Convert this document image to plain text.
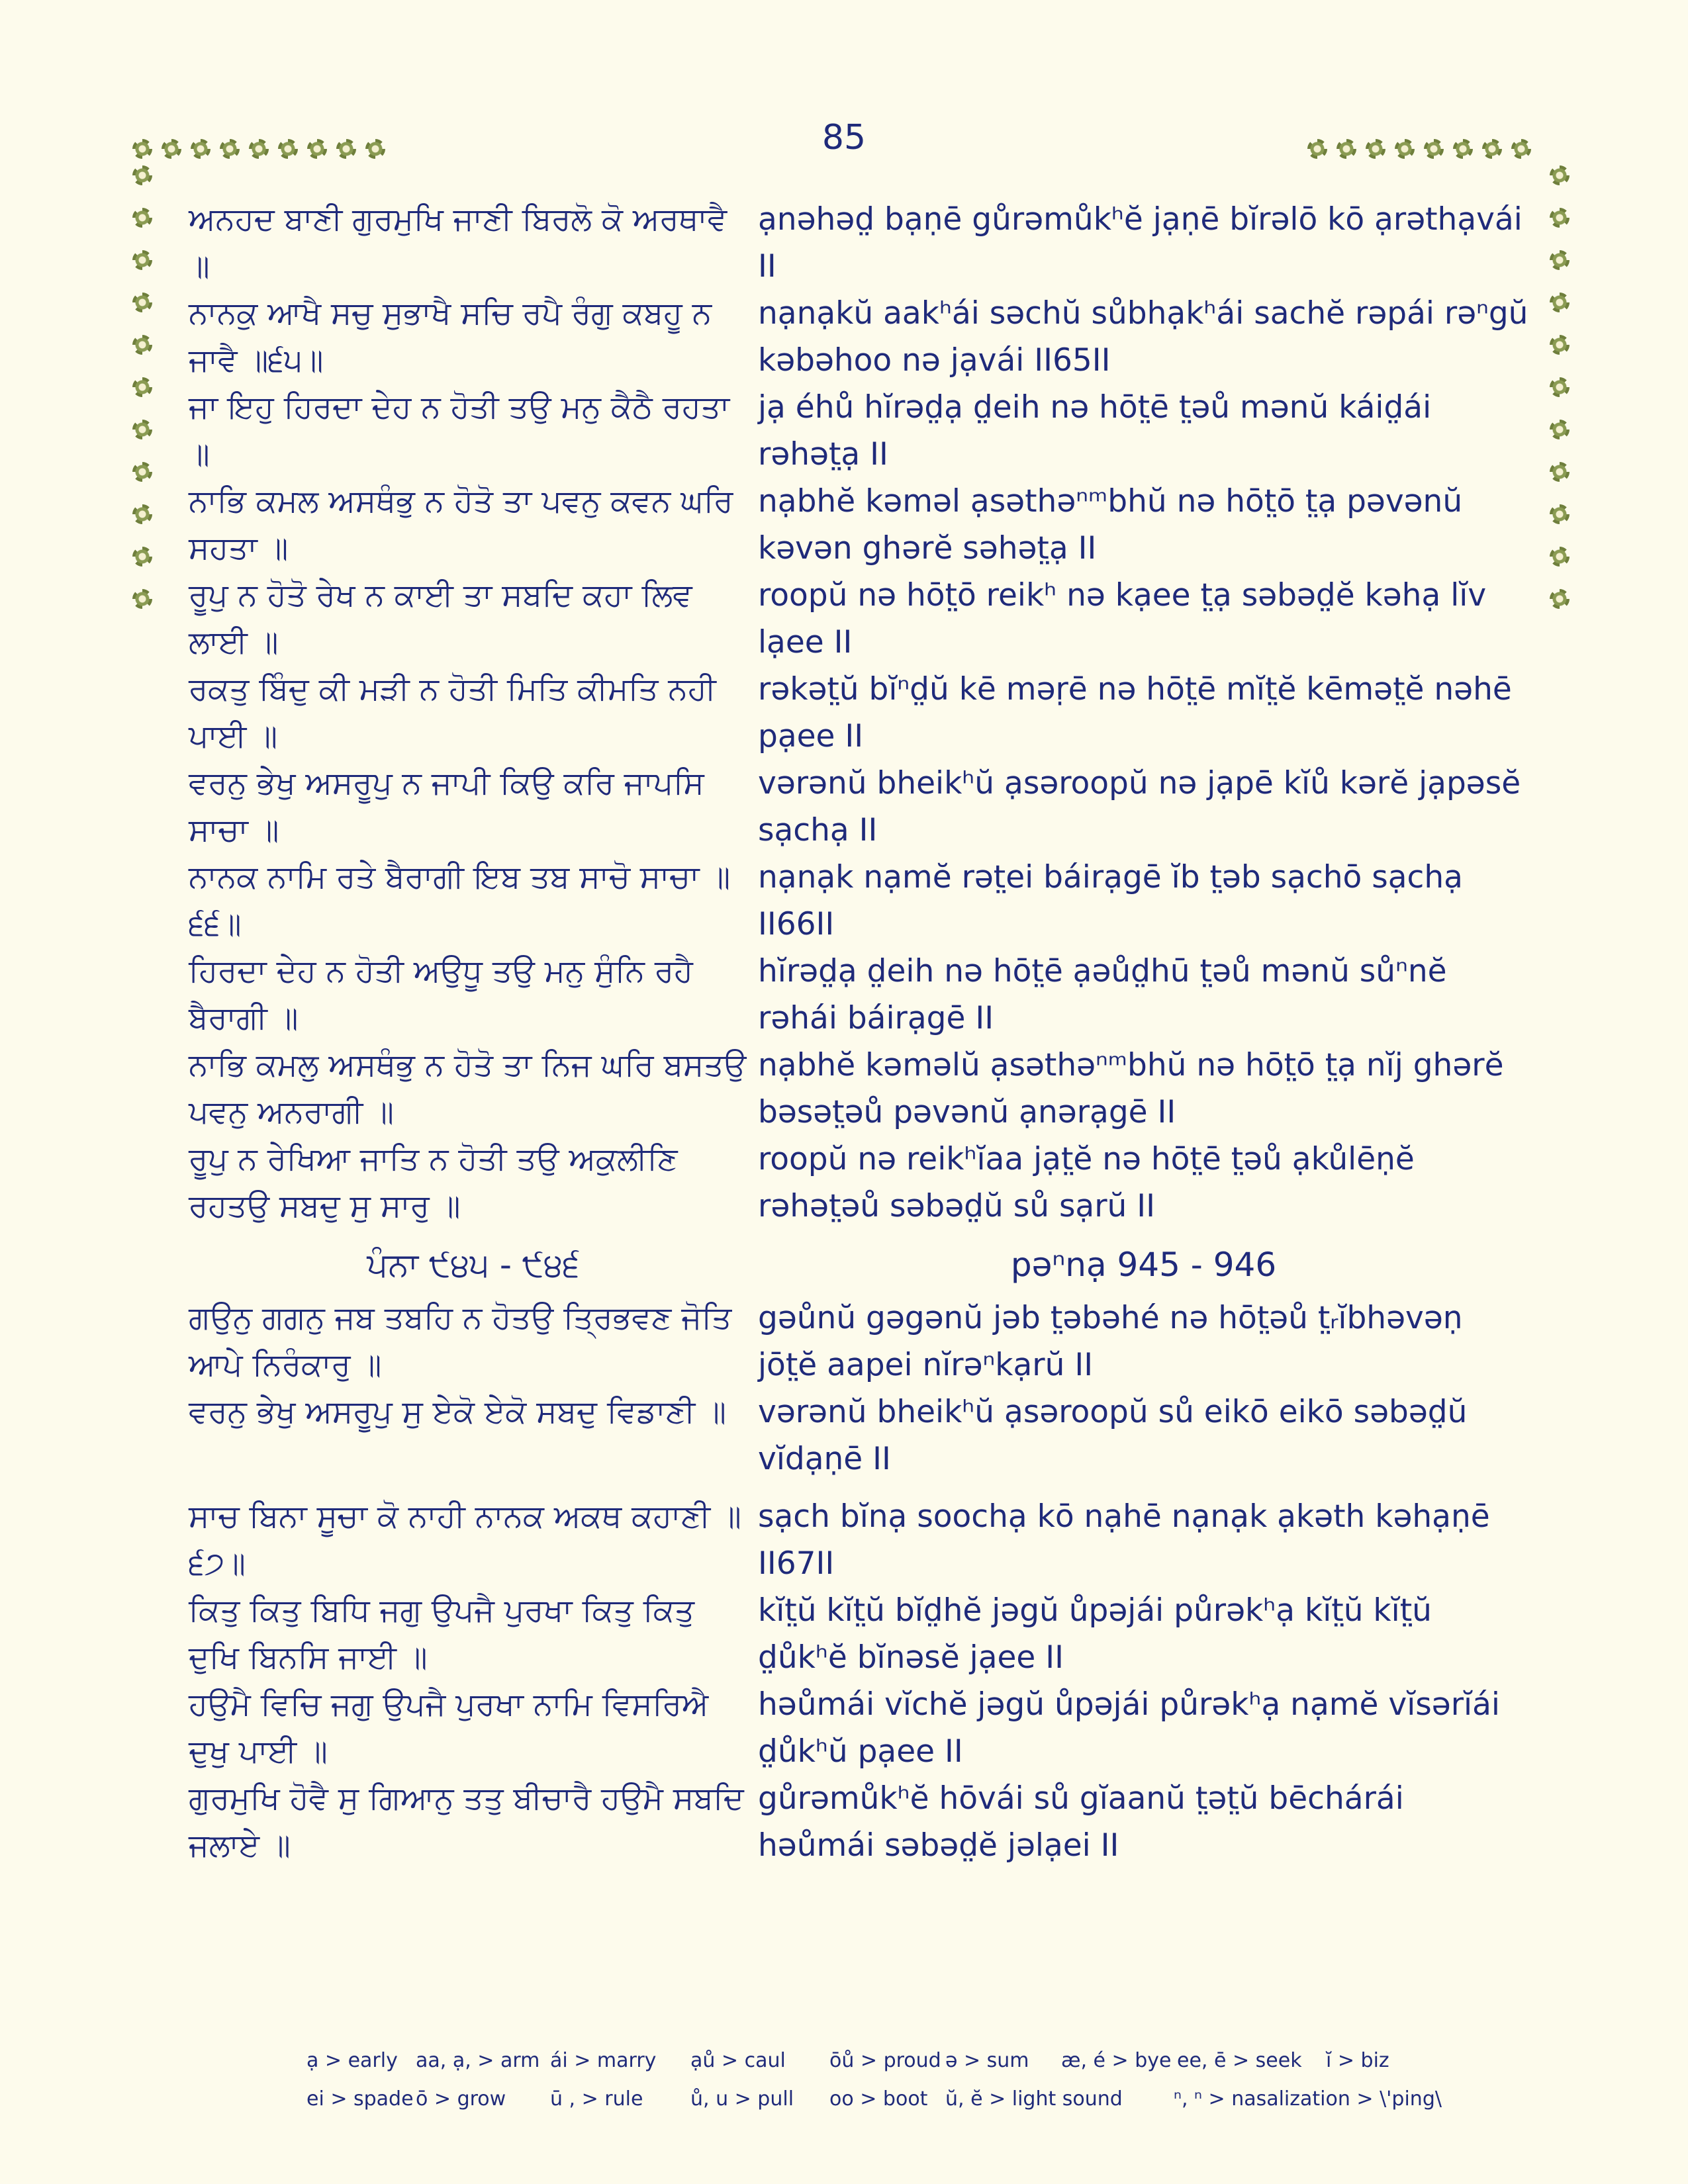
85
ਅਨਹਦ ਬਾਣੀ ਗੁਰਮੁਖਿ ਜਾਣੀ ਬਿਰਲੋ ਕੋ ਅਰਥਾਵੈ ॥
ạnəhəd̤ bạṇē gůrəmůkʰĕ jạṇē bĭrəlō kō ạrəthạvái II
ਨਾਨਕੁ ਆਖੈ ਸਚੁ ਸੁਭਾਖੈ ਸਚਿ ਰਪੈ ਰੰਗੁ ਕਬਹੂ ਨ ਜਾਵੈ ॥੬੫॥
nạnạkŭ aakʰái səchŭ sůbhạkʰái sachĕ rəpái rəⁿgŭ kəbəhoo nə jạvái II65II
ਜਾ ਇਹੁ ਹਿਰਦਾ ਦੇਹ ਨ ਹੋਤੀ ਤਉ ਮਨੁ ਕੈਠੈ ਰਹਤਾ ॥
jạ éhů hĭrəd̤ạ d̤eih nə hōt̤ē t̤əů mənŭ káid̤ái rəhət̤ạ II
ਨਾਭਿ ਕਮਲ ਅਸਥੰਭੁ ਨ ਹੋਤੋ ਤਾ ਪਵਨੁ ਕਵਨ ਘਰਿ ਸਹਤਾ ॥
nạbhĕ kəməl ạsəthəⁿᵐbhŭ nə hōt̤ō t̤ạ pəvənŭ kəvən ghərĕ səhət̤ạ II
ਰੂਪੁ ਨ ਹੋਤੋ ਰੇਖ ਨ ਕਾਈ ਤਾ ਸਬਦਿ ਕਹਾ ਲਿਵ ਲਾਈ ॥
roopŭ nə hōt̤ō reikʰ nə kạee t̤ạ səbəd̤ĕ kəhạ lĭv lạee II
ਰਕਤੁ ਬਿੰਦੁ ਕੀ ਮੜੀ ਨ ਹੋਤੀ ਮਿਤਿ ਕੀਮਤਿ ਨਹੀ ਪਾਈ ॥
rəkət̤ŭ bĭⁿd̤ŭ kē məṛē nə hōt̤ē mĭt̤ĕ kēmət̤ĕ nəhē pạee II
ਵਰਨੁ ਭੇਖੁ ਅਸਰੂਪੁ ਨ ਜਾਪੀ ਕਿਉ ਕਰਿ ਜਾਪਸਿ ਸਾਚਾ ॥
vərənŭ bheikʰŭ ạsəroopŭ nə jạpē kĭů kərĕ jạpəsĕ sạchạ II
ਨਾਨਕ ਨਾਮਿ ਰਤੇ ਬੈਰਾਗੀ ਇਬ ਤਬ ਸਾਚੋ ਸਾਚਾ ॥੬੬॥
nạnạk nạmĕ rət̤ei báirạgē ĭb t̤əb sạchō sạchạ II66II
ਹਿਰਦਾ ਦੇਹ ਨ ਹੋਤੀ ਅਉਧੂ ਤਉ ਮਨੁ ਸੁੰਨਿ ਰਹੈ ਬੈਰਾਗੀ ॥
hĭrəd̤ạ d̤eih nə hōt̤ē ạəůd̤hū t̤əů mənŭ sůⁿnĕ rəhái báirạgē II
ਨਾਭਿ ਕਮਲੁ ਅਸਥੰਭੁ ਨ ਹੋਤੋ ਤਾ ਨਿਜ ਘਰਿ ਬਸਤਉ ਪਵਨੁ ਅਨਰਾਗੀ ॥
nạbhĕ kəməlŭ ạsəthəⁿᵐbhŭ nə hōt̤ō t̤ạ nĭj ghərĕ bəsət̤əů pəvənŭ ạnərạgē II
ਰੂਪੁ ਨ ਰੇਖਿਆ ਜਾਤਿ ਨ ਹੋਤੀ ਤਉ ਅਕੁਲੀਣਿ ਰਹਤਉ ਸਬਦੁ ਸੁ ਸਾਰੁ ॥
roopŭ nə reikʰĭaa jạt̤ĕ nə hōt̤ē t̤əů ạkůlēṇĕ rəhət̤əů səbəd̤ŭ sů sạrŭ II
ਪੰਨਾ ੯੪੫ - ੯੪੬	pəⁿnạ 945 - 946
ਗਉਨੁ ਗਗਨੁ ਜਬ ਤਬਹਿ ਨ ਹੋਤਉ ਤ੍ਰਿਭਵਣ ਜੋਤਿ ਆਪੇ ਨਿਰੰਕਾਰੁ ॥
gəůnŭ gəgənŭ jəb t̤əbəhé nə hōt̤əů t̤ᵣĭbhəvəṇ jōt̤ĕ aapei nĭrəⁿkạrŭ II
ਵਰਨੁ ਭੇਖੁ ਅਸਰੂਪੁ ਸੁ ਏਕੋ ਏਕੋ ਸਬਦੁ ਵਿਡਾਣੀ ॥	vərənŭ bheikʰŭ ạsəroopŭ sů eikō eikō səbəd̤ŭ vĭdạṇē II
ਸਾਚ ਬਿਨਾ ਸੂਚਾ ਕੋ ਨਾਹੀ ਨਾਨਕ ਅਕਥ ਕਹਾਣੀ ॥੬੭॥
sạch bĭnạ soochạ kō nạhē nạnạk ạkəth kəhạṇē II67II
ਕਿਤੁ ਕਿਤੁ ਬਿਧਿ ਜਗੁ ਉਪਜੈ ਪੁਰਖਾ ਕਿਤੁ ਕਿਤੁ ਦੁਖਿ ਬਿਨਸਿ ਜਾਈ ॥
kĭt̤ŭ kĭt̤ŭ bĭd̤hĕ jəgŭ ůpəjái půrəkʰạ kĭt̤ŭ kĭt̤ŭ d̤ůkʰĕ bĭnəsĕ jạee II
ਹਉਮੈ ਵਿਚਿ ਜਗੁ ਉਪਜੈ ਪੁਰਖਾ ਨਾਮਿ ਵਿਸਰਿਐ ਦੁਖੁ ਪਾਈ ॥
həůmái vĭchĕ jəgŭ ůpəjái půrəkʰạ nạmĕ vĭsərĭái d̤ůkʰŭ pạee II
ਗੁਰਮੁਖਿ ਹੋਵੈ ਸੁ ਗਿਆਨੁ ਤਤੁ ਬੀਚਾਰੈ ਹਉਮੈ ਸਬਦਿ ਜਲਾਏ ॥
gůrəmůkʰĕ hōvái sů gĭaanŭ t̤ət̤ŭ bēchárái həůmái səbəd̤ĕ jəlạei II
ạ > early aa, ạ, > arm ái > marry	ạů > caul	ōů > proud ə > sum	æ, é > bye ee, ē > seek	ĭ > biz
ei > spade ō > grow	ū , > rule	ů, u > pull	oo > boot ŭ, ĕ > light sound	ⁿ, ⁿ > nasalization > \'ping\
